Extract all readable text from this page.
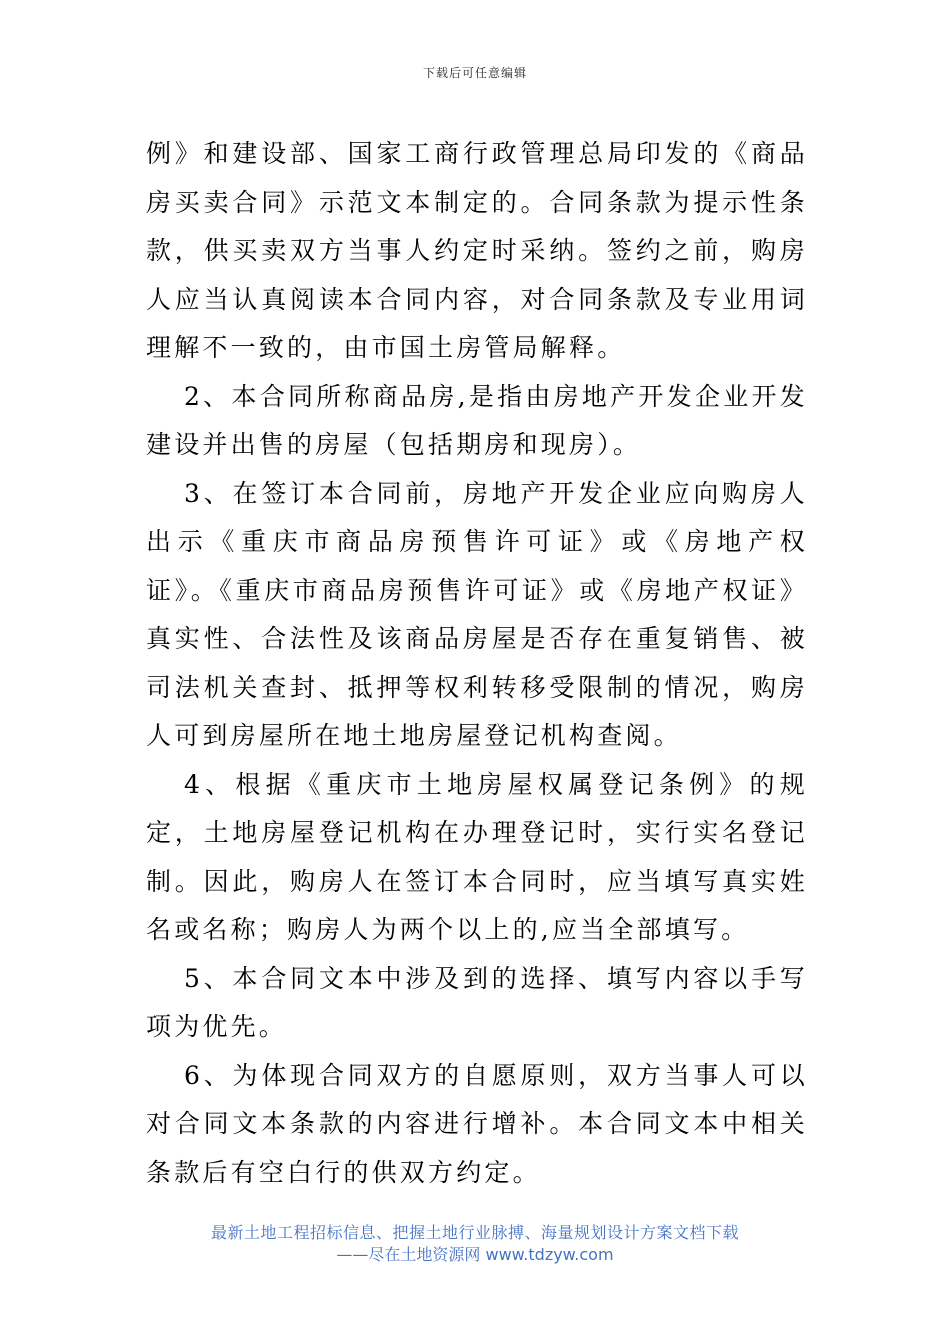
下载后可任意编辑

例》和建设部、国家工商行政管理总局印发的《商品房买卖合同》示范文本制定的。合同条款为提示性条款，供买卖双方当事人约定时采纳。签约之前，购房人应当认真阅读本合同内容，对合同条款及专业用词理解不一致的，由市国土房管局解释。

2、本合同所称商品房,是指由房地产开发企业开发建设并出售的房屋（包括期房和现房）。

3、在签订本合同前，房地产开发企业应向购房人出示《重庆市商品房预售许可证》或《房地产权证》。《重庆市商品房预售许可证》或《房地产权证》真实性、合法性及该商品房屋是否存在重复销售、被司法机关查封、抵押等权利转移受限制的情况，购房人可到房屋所在地土地房屋登记机构查阅。

4、根据《重庆市土地房屋权属登记条例》的规定，土地房屋登记机构在办理登记时，实行实名登记制。因此，购房人在签订本合同时，应当填写真实姓名或名称；购房人为两个以上的,应当全部填写。

5、本合同文本中涉及到的选择、填写内容以手写项为优先。

6、为体现合同双方的自愿原则，双方当事人可以对合同文本条款的内容进行增补。本合同文本中相关条款后有空白行的供双方约定。

最新土地工程招标信息、把握土地行业脉搏、海量规划设计方案文档下载
——尽在土地资源网 www.tdzyw.com
